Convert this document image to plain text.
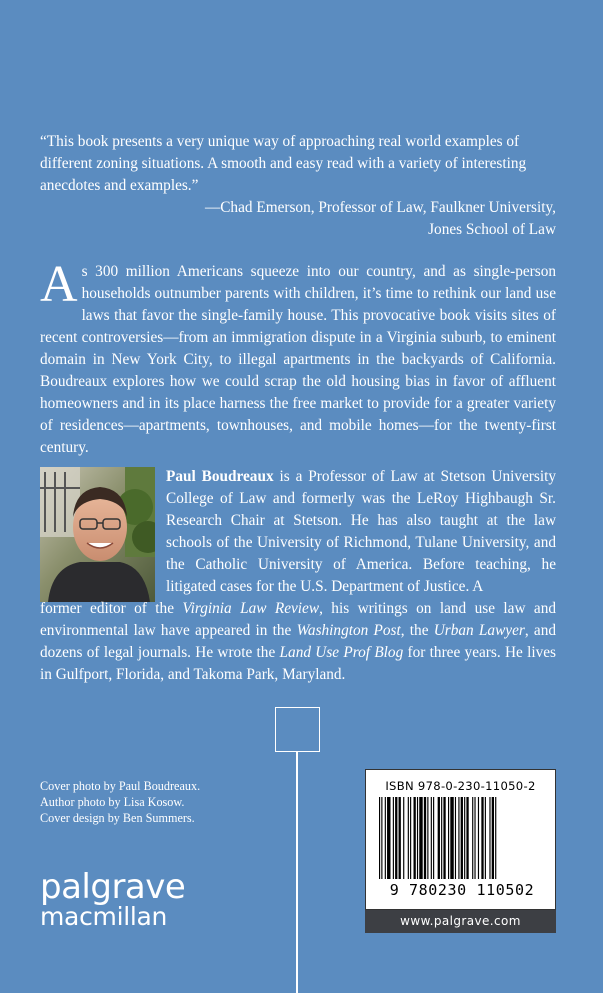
“This book presents a very unique way of approaching real world examples of different zoning situations. A smooth and easy read with a variety of interesting anecdotes and examples.”

—Chad Emerson, Professor of Law, Faulkner University,

Jones School of Law

As 300 million Americans squeeze into our country, and as single-person households outnumber parents with children, it’s time to rethink our land use laws that favor the single-family house. This provocative book visits sites of recent controversies—from an immigration dispute in a Virginia suburb, to eminent domain in New York City, to illegal apartments in the backyards of California. Boudreaux explores how we could scrap the old housing bias in favor of affluent homeowners and in its place harness the free market to provide for a greater variety of residences—apartments, townhouses, and mobile homes—for the twenty-first century.
Paul Boudreaux is a Professor of Law at Stetson University College of Law and formerly was the LeRoy Highbaugh Sr. Research Chair at Stetson. He has also taught at the law schools of the University of Richmond, Tulane University, and the Catholic University of America. Before teaching, he litigated cases for the U.S. Department of Justice. A
former editor of the Virginia Law Review, his writings on land use law and environmental law have appeared in the Washington Post, the Urban Lawyer, and dozens of legal journals. He wrote the Land Use Prof Blog for three years. He lives in Gulfport, Florida, and Takoma Park, Maryland.
Cover photo by Paul Boudreaux.
Author photo by Lisa Kosow.
Cover design by Ben Summers.
palgrave
macmillan
ISBN 978-0-230-11050-2
9 780230 110502
www.palgrave.com
